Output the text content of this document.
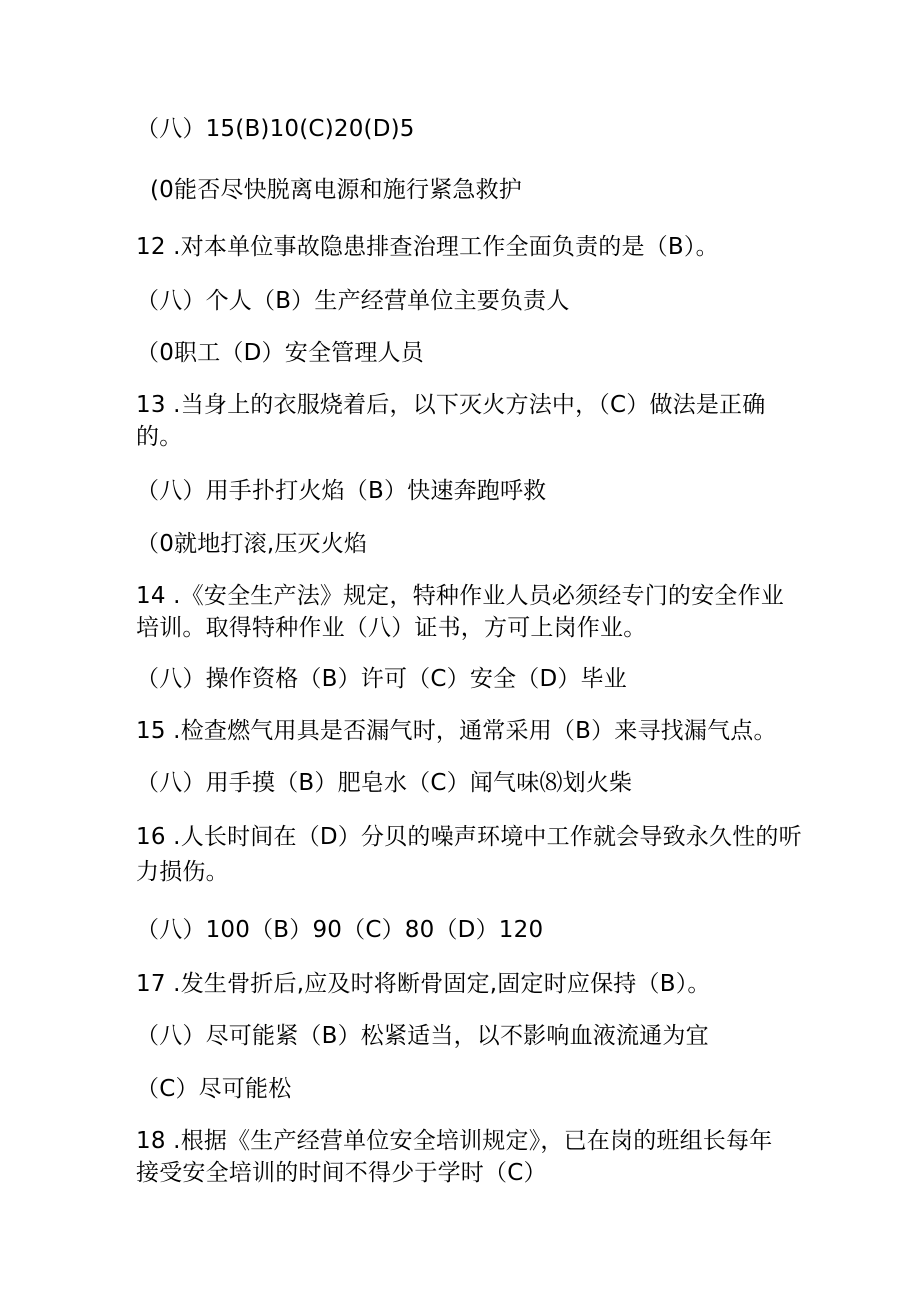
（八）15(B)10(C)20(D)5
(0能否尽快脱离电源和施行紧急救护
12 .对本单位事故隐患排查治理工作全面负责的是（B）。
（八）个人（B）生产经营单位主要负责人
（0职工（D）安全管理人员
13 .当身上的衣服烧着后，以下灭火方法中，（C）做法是正确
的。
（八）用手扑打火焰（B）快速奔跑呼救
（0就地打滚,压灭火焰
14 .《安全生产法》规定，特种作业人员必须经专门的安全作业
培训。取得特种作业（八）证书，方可上岗作业。
（八）操作资格（B）许可（C）安全（D）毕业
15 .检查燃气用具是否漏气时，通常采用（B）来寻找漏气点。
（八）用手摸（B）肥皂水（C）闻气味⑻划火柴
16 .人长时间在（D）分贝的噪声环境中工作就会导致永久性的听
力损伤。
（八）100（B）90（C）80（D）120
17 .发生骨折后,应及时将断骨固定,固定时应保持（B）。
（八）尽可能紧（B）松紧适当，以不影响血液流通为宜
（C）尽可能松
18 .根据《生产经营单位安全培训规定》，已在岗的班组长每年
接受安全培训的时间不得少于学时（C）
